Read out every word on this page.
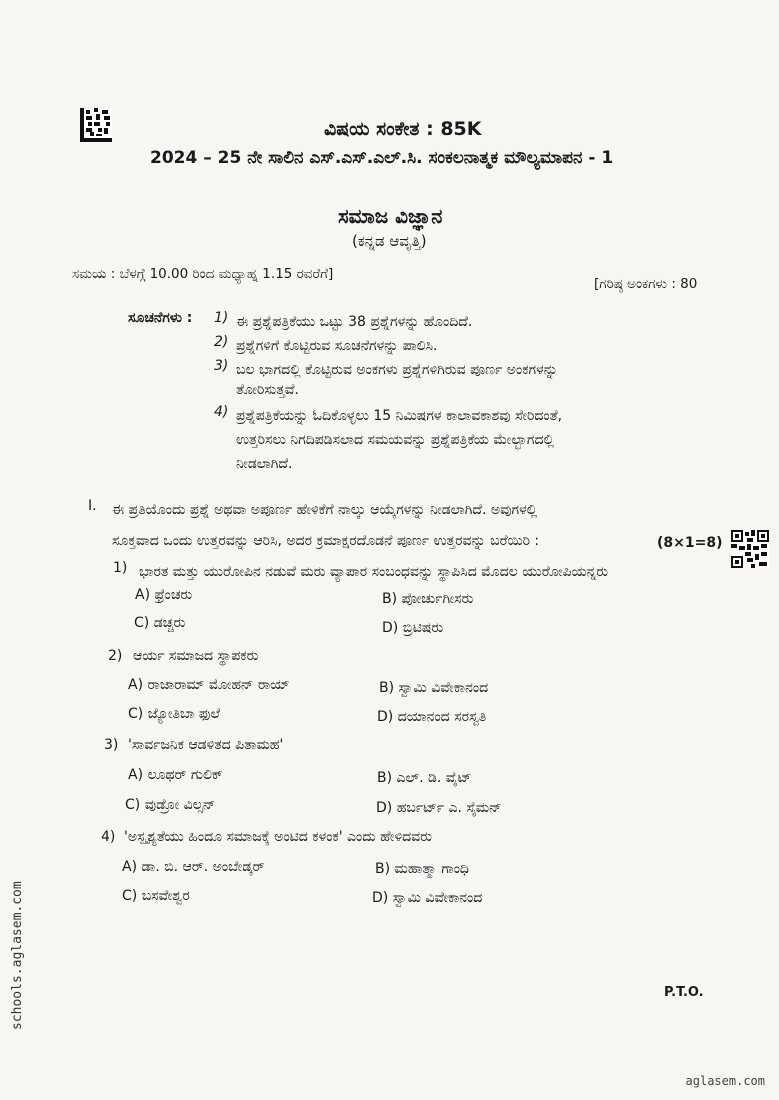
ವಿಷಯ ಸಂಕೇತ : 85K
2024 – 25 ನೇ ಸಾಲಿನ ಎಸ್.ಎಸ್.ಎಲ್.ಸಿ. ಸಂಕಲನಾತ್ಮಕ ಮೌಲ್ಯಮಾಪನ - 1
ಸಮಾಜ ವಿಜ್ಞಾನ
(ಕನ್ನಡ ಆವೃತ್ತಿ)
ಸಮಯ : ಬೆಳಗ್ಗೆ 10.00 ರಿಂದ ಮಧ್ಯಾಹ್ನ 1.15 ರವರೆಗೆ]
[ಗರಿಷ್ಠ ಅಂಕಗಳು : 80
ಸೂಚನೆಗಳು : 1) ಈ ಪ್ರಶ್ನೆಪತ್ರಿಕೆಯು ಒಟ್ಟು 38 ಪ್ರಶ್ನೆಗಳನ್ನು ಹೊಂದಿದೆ.
2) ಪ್ರಶ್ನೆಗಳಿಗೆ ಕೊಟ್ಟಿರುವ ಸೂಚನೆಗಳನ್ನು ಪಾಲಿಸಿ.
3) ಬಲ ಭಾಗದಲ್ಲಿ ಕೊಟ್ಟಿರುವ ಅಂಕಗಳು ಪ್ರಶ್ನೆಗಳಿಗಿರುವ ಪೂರ್ಣ ಅಂಕಗಳನ್ನು
ತೋರಿಸುತ್ತವೆ.
4) ಪ್ರಶ್ನೆಪತ್ರಿಕೆಯನ್ನು ಓದಿಕೊಳ್ಳಲು 15 ನಿಮಿಷಗಳ ಕಾಲಾವಕಾಶವು ಸೇರಿದಂತೆ,
ಉತ್ತರಿಸಲು ನಿಗದಿಪಡಿಸಲಾದ ಸಮಯವನ್ನು ಪ್ರಶ್ನೆಪತ್ರಿಕೆಯ ಮೇಲ್ಭಾಗದಲ್ಲಿ
ನೀಡಲಾಗಿದೆ.
I. ಈ ಪ್ರತಿಯೊಂದು ಪ್ರಶ್ನೆ ಅಥವಾ ಅಪೂರ್ಣ ಹೇಳಿಕೆಗೆ ನಾಲ್ಕು ಆಯ್ಕೆಗಳನ್ನು ನೀಡಲಾಗಿದೆ. ಅವುಗಳಲ್ಲಿ
ಸೂಕ್ತವಾದ ಒಂದು ಉತ್ತರವನ್ನು ಆರಿಸಿ, ಅದರ ಕ್ರಮಾಕ್ಷರದೊಡನೆ ಪೂರ್ಣ ಉತ್ತರವನ್ನು ಬರೆಯಿರಿ :	(8×1=8)
1) ಭಾರತ ಮತ್ತು ಯುರೋಪಿನ ನಡುವೆ ಮರು ವ್ಯಾಪಾರ ಸಂಬಂಧವನ್ನು ಸ್ಥಾಪಿಸಿದ ಮೊದಲ ಯುರೋಪಿಯನ್ನರು
A) ಫ್ರೆಂಚರು	B) ಪೋರ್ಚುಗೀಸರು
C) ಡಚ್ಚರು	D) ಬ್ರಿಟಿಷರು
2) ಆರ್ಯ ಸಮಾಜದ ಸ್ಥಾಪಕರು
A) ರಾಜಾರಾಮ್ ಮೋಹನ್ ರಾಯ್	B) ಸ್ವಾಮಿ ವಿವೇಕಾನಂದ
C) ಜ್ಯೋತಿಬಾ ಫುಲೆ	D) ದಯಾನಂದ ಸರಸ್ವತಿ
3) 'ಸಾರ್ವಜನಿಕ ಆಡಳಿತದ ಪಿತಾಮಹ'
A) ಲೂಥರ್ ಗುಲಿಕ್	B) ಎಲ್. ಡಿ. ವೈಟ್
C) ವುಡ್ರೋ ವಿಲ್ಸನ್	D) ಹರ್ಬರ್ಟ್ ಎ. ಸೈಮನ್
4) 'ಅಸ್ಪೃಶ್ಯತೆಯು ಹಿಂದೂ ಸಮಾಜಕ್ಕೆ ಅಂಟಿದ ಕಳಂಕ' ಎಂದು ಹೇಳಿದವರು
A) ಡಾ. ಬಿ. ಆರ್. ಅಂಬೇಡ್ಕರ್	B) ಮಹಾತ್ಮಾ ಗಾಂಧಿ
C) ಬಸವೇಶ್ವರ	D) ಸ್ವಾಮಿ ವಿವೇಕಾನಂದ
P.T.O.
schools.aglasem.com
aglasem.com
